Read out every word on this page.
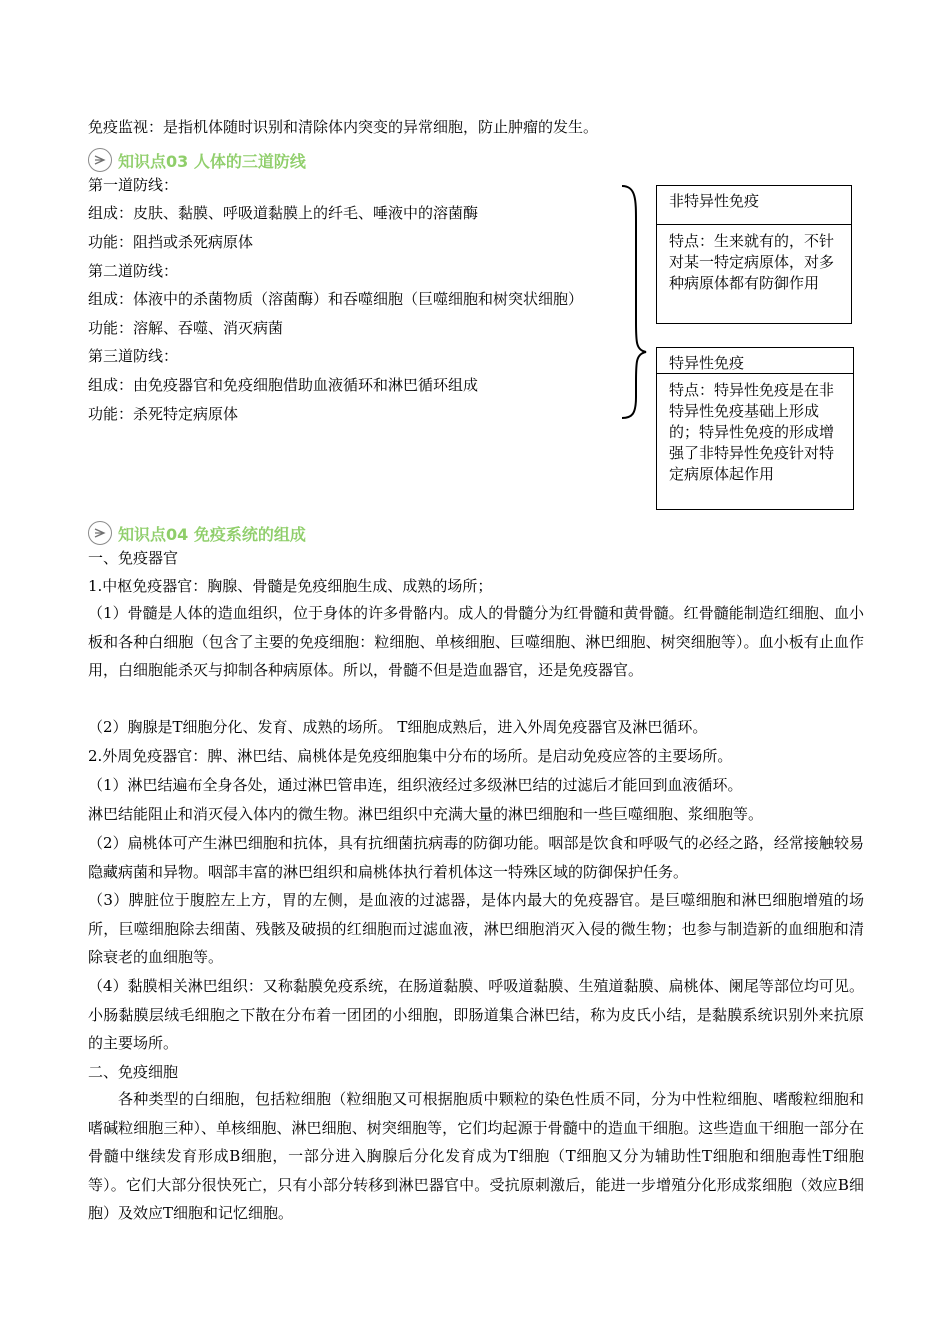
免疫监视：是指机体随时识别和清除体内突变的异常细胞，防止肿瘤的发生。
知识点03 人体的三道防线
第一道防线：
组成：皮肤、黏膜、呼吸道黏膜上的纤毛、唾液中的溶菌酶
功能：阻挡或杀死病原体
第二道防线：
组成：体液中的杀菌物质（溶菌酶）和吞噬细胞（巨噬细胞和树突状细胞）
功能：溶解、吞噬、消灭病菌
第三道防线：
组成：由免疫器官和免疫细胞借助血液循环和淋巴循环组成
功能：杀死特定病原体
非特异性免疫
特点：生来就有的，不针对某一特定病原体，对多种病原体都有防御作用
特异性免疫
特点：特异性免疫是在非特异性免疫基础上形成的；特异性免疫的形成增强了非特异性免疫针对特定病原体起作用
知识点04 免疫系统的组成
一、免疫器官
1.中枢免疫器官：胸腺、骨髓是免疫细胞生成、成熟的场所；
（1）骨髓是人体的造血组织，位于身体的许多骨骼内。成人的骨髓分为红骨髓和黄骨髓。红骨髓能制造红细胞、血小板和各种白细胞（包含了主要的免疫细胞：粒细胞、单核细胞、巨噬细胞、淋巴细胞、树突细胞等）。血小板有止血作用，白细胞能杀灭与抑制各种病原体。所以，骨髓不但是造血器官，还是免疫器官。
（2）胸腺是T细胞分化、发育、成熟的场所。 T细胞成熟后，进入外周免疫器官及淋巴循环。
2.外周免疫器官：脾、淋巴结、扁桃体是免疫细胞集中分布的场所。是启动免疫应答的主要场所。
（1）淋巴结遍布全身各处，通过淋巴管串连，组织液经过多级淋巴结的过滤后才能回到血液循环。
淋巴结能阻止和消灭侵入体内的微生物。淋巴组织中充满大量的淋巴细胞和一些巨噬细胞、浆细胞等。
（2）扁桃体可产生淋巴细胞和抗体，具有抗细菌抗病毒的防御功能。咽部是饮食和呼吸气的必经之路，经常接触较易隐藏病菌和异物。咽部丰富的淋巴组织和扁桃体执行着机体这一特殊区域的防御保护任务。
（3）脾脏位于腹腔左上方，胃的左侧，是血液的过滤器，是体内最大的免疫器官。是巨噬细胞和淋巴细胞增殖的场所，巨噬细胞除去细菌、残骸及破损的红细胞而过滤血液，淋巴细胞消灭入侵的微生物；也参与制造新的血细胞和清除衰老的血细胞等。
（4）黏膜相关淋巴组织：又称黏膜免疫系统，在肠道黏膜、呼吸道黏膜、生殖道黏膜、扁桃体、阑尾等部位均可见。小肠黏膜层绒毛细胞之下散在分布着一团团的小细胞，即肠道集合淋巴结，称为皮氏小结，是黏膜系统识别外来抗原的主要场所。
二、免疫细胞
各种类型的白细胞，包括粒细胞（粒细胞又可根据胞质中颗粒的染色性质不同，分为中性粒细胞、嗜酸粒细胞和嗜碱粒细胞三种）、单核细胞、淋巴细胞、树突细胞等，它们均起源于骨髓中的造血干细胞。这些造血干细胞一部分在骨髓中继续发育形成B细胞，一部分进入胸腺后分化发育成为T细胞（T细胞又分为辅助性T细胞和细胞毒性T细胞等）。它们大部分很快死亡，只有小部分转移到淋巴器官中。受抗原刺激后，能进一步增殖分化形成浆细胞（效应B细胞）及效应T细胞和记忆细胞。
